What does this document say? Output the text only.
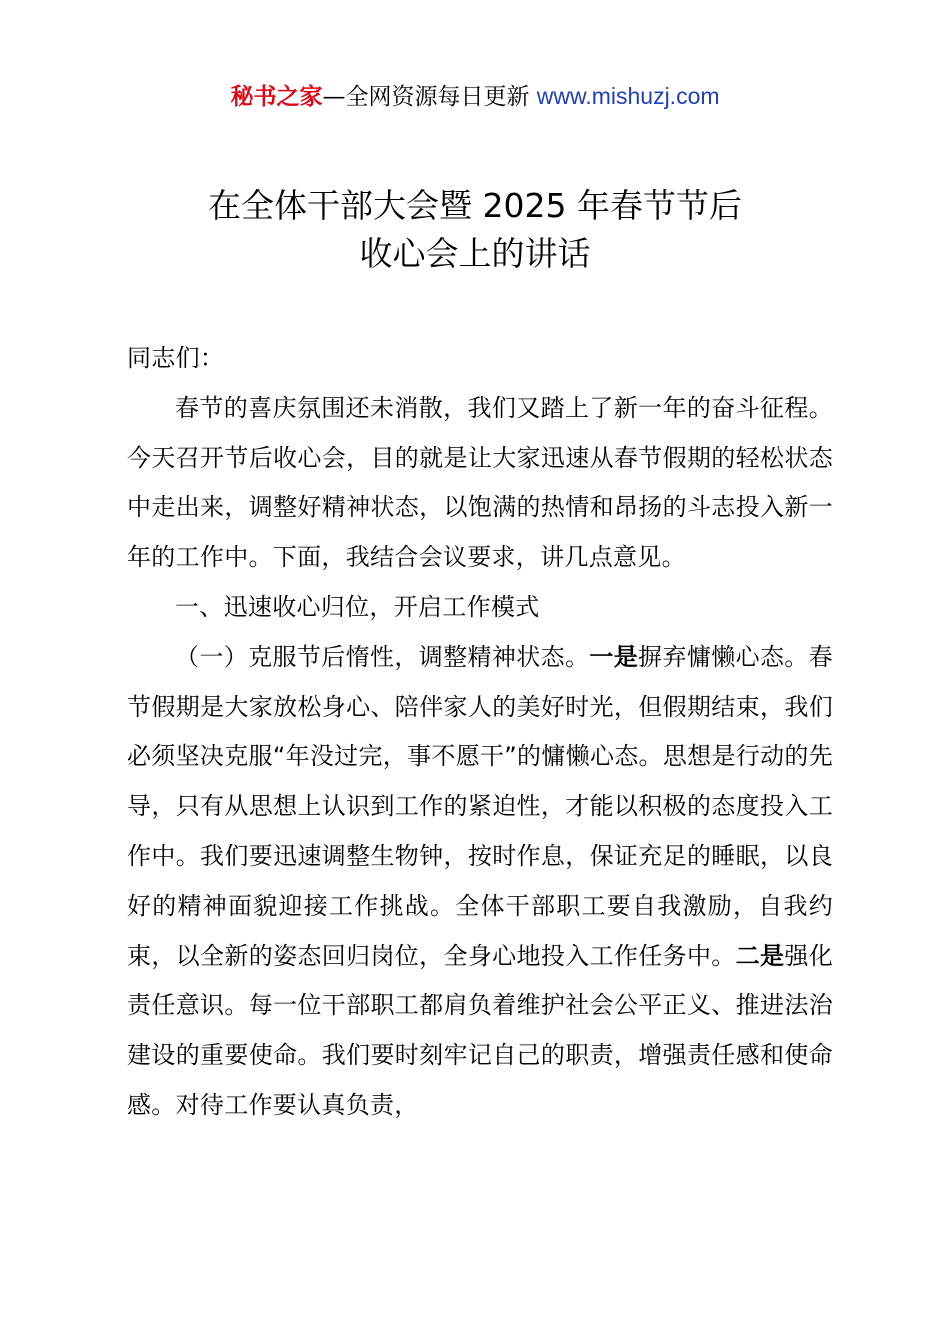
秘书之家—全网资源每日更新 www.mishuzj.com
在全体干部大会暨 2025 年春节节后
收心会上的讲话

同志们：

春节的喜庆氛围还未消散，我们又踏上了新一年的奋斗征程。今天召开节后收心会，目的就是让大家迅速从春节假期的轻松状态中走出来，调整好精神状态，以饱满的热情和昂扬的斗志投入新一年的工作中。下面，我结合会议要求，讲几点意见。

一、迅速收心归位，开启工作模式

（一）克服节后惰性，调整精神状态。一是摒弃慵懒心态。春节假期是大家放松身心、陪伴家人的美好时光，但假期结束，我们必须坚决克服“年没过完，事不愿干”的慵懒心态。思想是行动的先导，只有从思想上认识到工作的紧迫性，才能以积极的态度投入工作中。我们要迅速调整生物钟，按时作息，保证充足的睡眠，以良好的精神面貌迎接工作挑战。全体干部职工要自我激励，自我约束，以全新的姿态回归岗位，全身心地投入工作任务中。二是强化责任意识。每一位干部职工都肩负着维护社会公平正义、推进法治建设的重要使命。我们要时刻牢记自己的职责，增强责任感和使命感。对待工作要认真负责，
